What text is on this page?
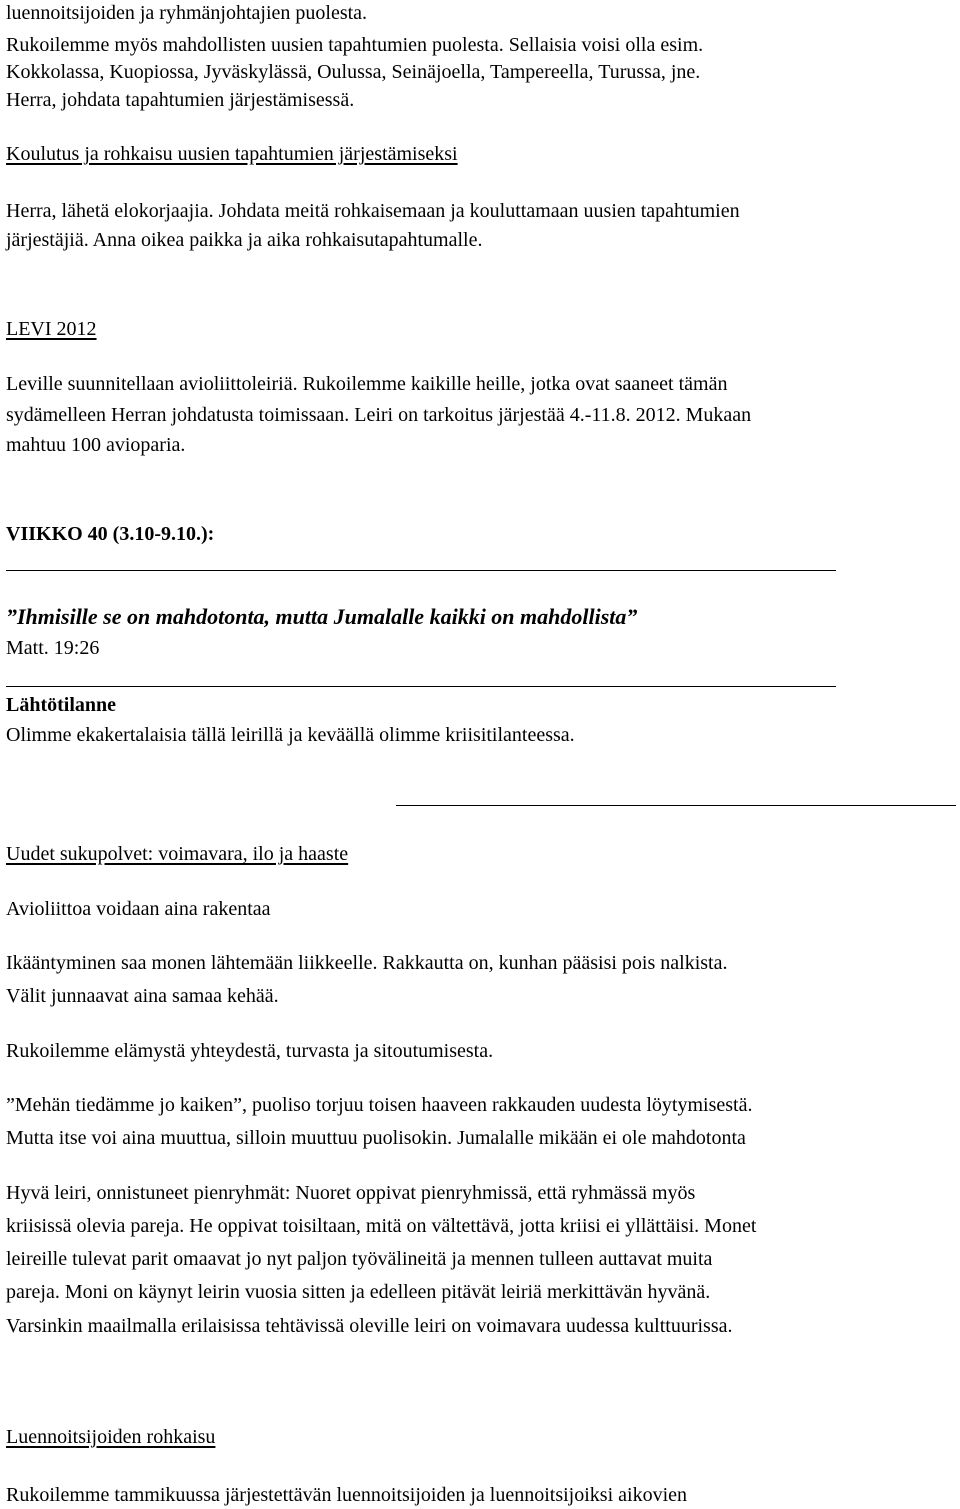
luennoitsijoiden ja ryhmänjohtajien puolesta.
Rukoilemme myös mahdollisten uusien tapahtumien puolesta. Sellaisia voisi olla esim.
Kokkolassa, Kuopiossa, Jyväskylässä, Oulussa, Seinäjoella, Tampereella, Turussa, jne.
Herra, johdata tapahtumien järjestämisessä.
Koulutus ja rohkaisu uusien tapahtumien järjestämiseksi
Herra, lähetä elokorjaajia. Johdata meitä rohkaisemaan ja kouluttamaan uusien tapahtumien
järjestäjiä. Anna oikea paikka ja aika rohkaisutapahtumalle.
LEVI 2012
Leville suunnitellaan avioliittoleiriä. Rukoilemme kaikille heille, jotka ovat saaneet tämän
sydämelleen Herran johdatusta toimissaan. Leiri on tarkoitus järjestää 4.-11.8. 2012. Mukaan
mahtuu 100 avioparia.
VIIKKO 40 (3.10-9.10.):
”Ihmisille se on mahdotonta, mutta Jumalalle kaikki on mahdollista”
Matt. 19:26
Lähtötilanne
Olimme ekakertalaisia tällä leirillä ja keväällä olimme kriisitilanteessa.
Uudet sukupolvet: voimavara, ilo ja haaste
Avioliittoa voidaan aina rakentaa
Ikääntyminen saa monen lähtemään liikkeelle. Rakkautta on, kunhan pääsisi pois nalkista.
Välit junnaavat aina samaa kehää.
Rukoilemme elämystä yhteydestä, turvasta ja sitoutumisesta.
”Mehän tiedämme jo kaiken”, puoliso torjuu toisen haaveen rakkauden uudesta löytymisestä.
Mutta itse voi aina muuttua, silloin muuttuu puolisokin. Jumalalle mikään ei ole mahdotonta
Hyvä leiri, onnistuneet pienryhmät: Nuoret oppivat pienryhmissä, että ryhmässä myös
kriisissä olevia pareja. He oppivat toisiltaan, mitä on vältettävä, jotta kriisi ei yllättäisi. Monet
leireille tulevat parit omaavat jo nyt paljon työvälineitä ja mennen tulleen auttavat muita
pareja. Moni on käynyt leirin vuosia sitten ja edelleen pitävät leiriä merkittävän hyvänä.
Varsinkin maailmalla erilaisissa tehtävissä oleville leiri on voimavara uudessa kulttuurissa.
Luennoitsijoiden rohkaisu
Rukoilemme tammikuussa järjestettävän luennoitsijoiden ja luennoitsijoiksi aikovien
